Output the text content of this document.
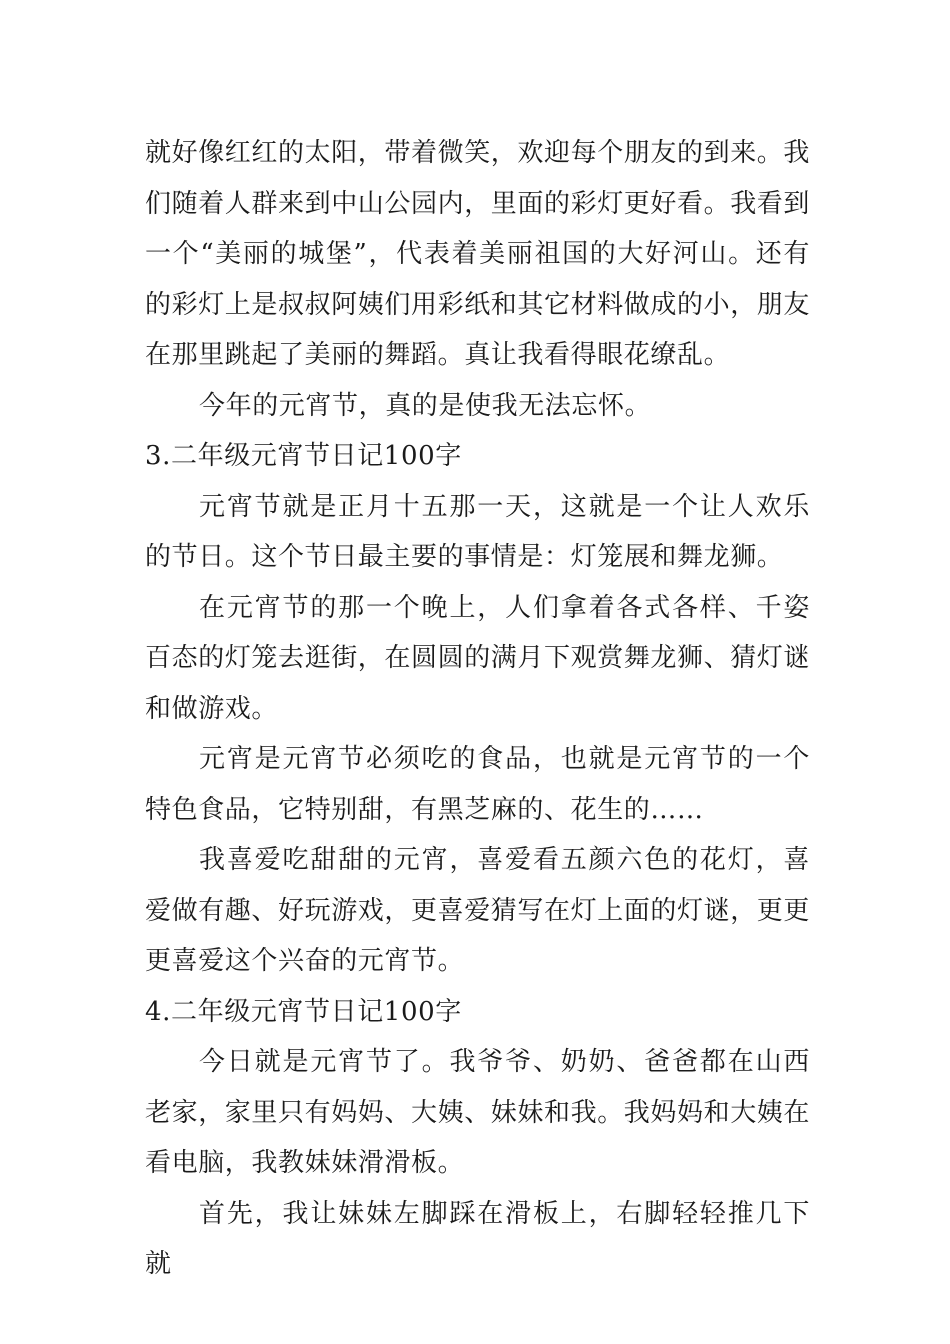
就好像红红的太阳，带着微笑，欢迎每个朋友的到来。我们随着人群来到中山公园内，里面的彩灯更好看。我看到一个“美丽的城堡”，代表着美丽祖国的大好河山。还有的彩灯上是叔叔阿姨们用彩纸和其它材料做成的小，朋友在那里跳起了美丽的舞蹈。真让我看得眼花缭乱。

今年的元宵节，真的是使我无法忘怀。

3.二年级元宵节日记100字

元宵节就是正月十五那一天，这就是一个让人欢乐的节日。这个节日最主要的事情是：灯笼展和舞龙狮。

在元宵节的那一个晚上，人们拿着各式各样、千姿百态的灯笼去逛街，在圆圆的满月下观赏舞龙狮、猜灯谜和做游戏。

元宵是元宵节必须吃的食品，也就是元宵节的一个特色食品，它特别甜，有黑芝麻的、花生的……

我喜爱吃甜甜的元宵，喜爱看五颜六色的花灯，喜爱做有趣、好玩游戏，更喜爱猜写在灯上面的灯谜，更更更喜爱这个兴奋的元宵节。

4.二年级元宵节日记100字

今日就是元宵节了。我爷爷、奶奶、爸爸都在山西老家，家里只有妈妈、大姨、妹妹和我。我妈妈和大姨在看电脑，我教妹妹滑滑板。

首先，我让妹妹左脚踩在滑板上，右脚轻轻推几下就
